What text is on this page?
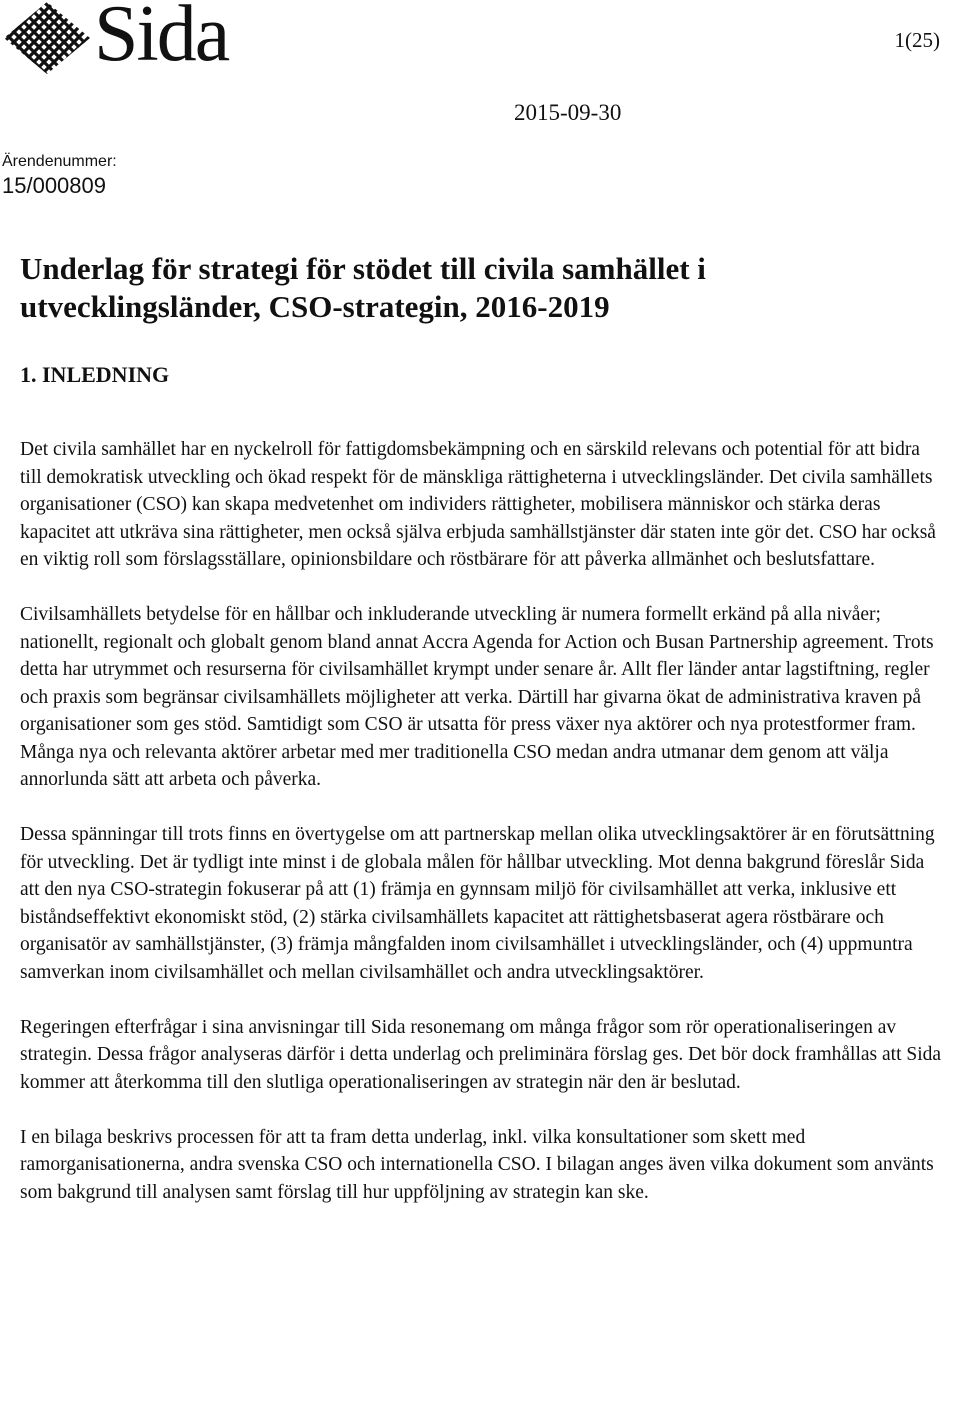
Sida	1(25)
2015-09-30
Ärendenummer:
15/000809
Underlag för strategi för stödet till civila samhället i utvecklingsländer, CSO-strategin, 2016-2019
1. INLEDNING

Det civila samhället har en nyckelroll för fattigdomsbekämpning och en särskild relevans och potential för att bidra till demokratisk utveckling och ökad respekt för de mänskliga rättigheterna i utvecklingsländer. Det civila samhällets organisationer (CSO) kan skapa medvetenhet om individers rättigheter, mobilisera människor och stärka deras kapacitet att utkräva sina rättigheter, men också själva erbjuda samhällstjänster där staten inte gör det. CSO har också en viktig roll som förslagsställare, opinionsbildare och röstbärare för att påverka allmänhet och beslutsfattare.

Civilsamhällets betydelse för en hållbar och inkluderande utveckling är numera formellt erkänd på alla nivåer; nationellt, regionalt och globalt genom bland annat Accra Agenda for Action och Busan Partnership agreement. Trots detta har utrymmet och resurserna för civilsamhället krympt under senare år. Allt fler länder antar lagstiftning, regler och praxis som begränsar civilsamhällets möjligheter att verka. Därtill har givarna ökat de administrativa kraven på organisationer som ges stöd. Samtidigt som CSO är utsatta för press växer nya aktörer och nya protestformer fram. Många nya och relevanta aktörer arbetar med mer traditionella CSO medan andra utmanar dem genom att välja annorlunda sätt att arbeta och påverka.

Dessa spänningar till trots finns en övertygelse om att partnerskap mellan olika utvecklingsaktörer är en förutsättning för utveckling. Det är tydligt inte minst i de globala målen för hållbar utveckling. Mot denna bakgrund föreslår Sida att den nya CSO-strategin fokuserar på att (1) främja en gynnsam miljö för civilsamhället att verka, inklusive ett biståndseffektivt ekonomiskt stöd, (2) stärka civilsamhällets kapacitet att rättighetsbaserat agera röstbärare och organisatör av samhällstjänster, (3) främja mångfalden inom civilsamhället i utvecklingsländer, och (4) uppmuntra samverkan inom civilsamhället och mellan civilsamhället och andra utvecklingsaktörer.

Regeringen efterfrågar i sina anvisningar till Sida resonemang om många frågor som rör operationaliseringen av strategin. Dessa frågor analyseras därför i detta underlag och preliminära förslag ges. Det bör dock framhållas att Sida kommer att återkomma till den slutliga operationaliseringen av strategin när den är beslutad.

I en bilaga beskrivs processen för att ta fram detta underlag, inkl. vilka konsultationer som skett med ramorganisationerna, andra svenska CSO och internationella CSO. I bilagan anges även vilka dokument som använts som bakgrund till analysen samt förslag till hur uppföljning av strategin kan ske.
